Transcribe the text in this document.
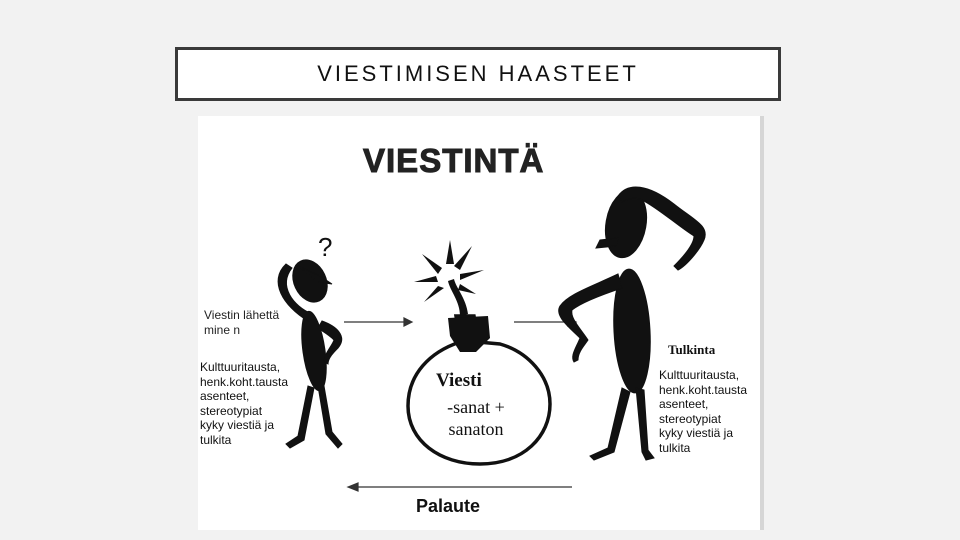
VIESTIMISEN HAASTEET
?
VIESTINTÄ
Viestin lähettämine n
Kulttuuritausta,
henk.koht.tausta
asenteet,
stereotypiat
kyky viestiä ja
tulkita
Viesti
-sanat +
sanaton
Tulkinta
Kulttuuritausta,
henk.koht.tausta
asenteet,
stereotypiat
kyky viestiä ja
tulkita
Palaute
